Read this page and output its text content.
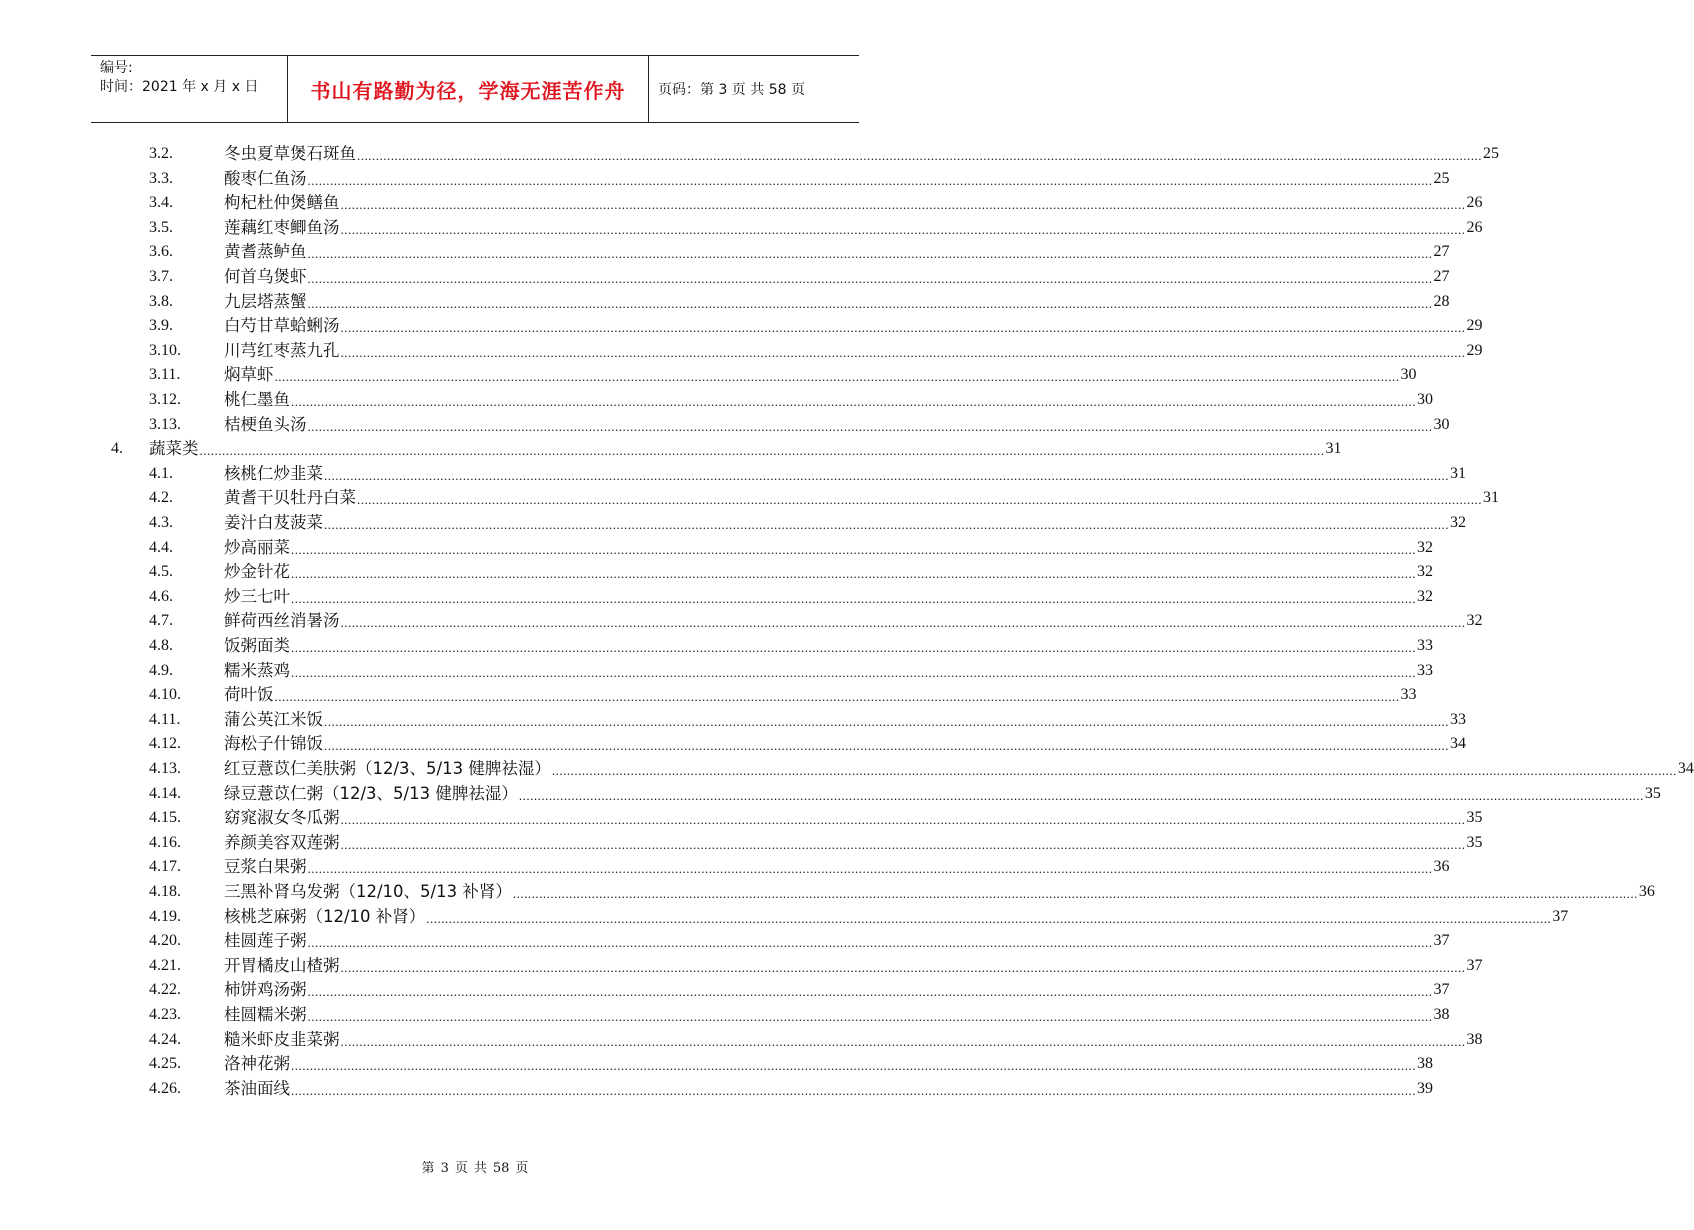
编号:
时间：2021 年 x 月 x 日	书山有路勤为径，学海无涯苦作舟	页码：第 3 页 共 58 页
3.2.	冬虫夏草煲石斑鱼 ............................................................................................................................................................................................................................................................................................................ 25
3.3.	酸枣仁鱼汤 ............................................................................................................................................................................................................................................................................................................ 25
3.4.	枸杞杜仲煲鳝鱼 ............................................................................................................................................................................................................................................................................................................ 26
3.5.	莲藕红枣鲫鱼汤 ............................................................................................................................................................................................................................................................................................................ 26
3.6.	黄耆蒸鲈鱼 ............................................................................................................................................................................................................................................................................................................ 27
3.7.	何首乌煲虾 ............................................................................................................................................................................................................................................................................................................ 27
3.8.	九层塔蒸蟹 ............................................................................................................................................................................................................................................................................................................ 28
3.9.	白芍甘草蛤蜊汤 ............................................................................................................................................................................................................................................................................................................ 29
3.10.	川芎红枣蒸九孔 ............................................................................................................................................................................................................................................................................................................ 29
3.11.	焖草虾 ............................................................................................................................................................................................................................................................................................................ 30
3.12.	桃仁墨鱼 ............................................................................................................................................................................................................................................................................................................ 30
3.13.	桔梗鱼头汤 ............................................................................................................................................................................................................................................................................................................ 30
4.	蔬菜类 ............................................................................................................................................................................................................................................................................................................ 31
4.1.	核桃仁炒韭菜 ............................................................................................................................................................................................................................................................................................................ 31
4.2.	黄耆干贝牡丹白菜 ............................................................................................................................................................................................................................................................................................................ 31
4.3.	姜汁白芨菠菜 ............................................................................................................................................................................................................................................................................................................ 32
4.4.	炒高丽菜 ............................................................................................................................................................................................................................................................................................................ 32
4.5.	炒金针花 ............................................................................................................................................................................................................................................................................................................ 32
4.6.	炒三七叶 ............................................................................................................................................................................................................................................................................................................ 32
4.7.	鲜荷西丝消暑汤 ............................................................................................................................................................................................................................................................................................................ 32
4.8.	饭粥面类 ............................................................................................................................................................................................................................................................................................................ 33
4.9.	糯米蒸鸡 ............................................................................................................................................................................................................................................................................................................ 33
4.10.	荷叶饭 ............................................................................................................................................................................................................................................................................................................ 33
4.11.	蒲公英江米饭 ............................................................................................................................................................................................................................................................................................................ 33
4.12.	海松子什锦饭 ............................................................................................................................................................................................................................................................................................................ 34
4.13.	红豆薏苡仁美肤粥（12/3、5/13 健脾祛湿） ............................................................................................................................................................................................................................................................................................................ 34
4.14.	绿豆薏苡仁粥（12/3、5/13 健脾祛湿） ............................................................................................................................................................................................................................................................................................................ 35
4.15.	窈窕淑女冬瓜粥 ............................................................................................................................................................................................................................................................................................................ 35
4.16.	养颜美容双莲粥 ............................................................................................................................................................................................................................................................................................................ 35
4.17.	豆浆白果粥 ............................................................................................................................................................................................................................................................................................................ 36
4.18.	三黑补肾乌发粥（12/10、5/13 补肾） ............................................................................................................................................................................................................................................................................................................ 36
4.19.	核桃芝麻粥（12/10 补肾） ............................................................................................................................................................................................................................................................................................................ 37
4.20.	桂圆莲子粥 ............................................................................................................................................................................................................................................................................................................ 37
4.21.	开胃橘皮山楂粥 ............................................................................................................................................................................................................................................................................................................ 37
4.22.	柿饼鸡汤粥 ............................................................................................................................................................................................................................................................................................................ 37
4.23.	桂圆糯米粥 ............................................................................................................................................................................................................................................................................................................ 38
4.24.	糙米虾皮韭菜粥 ............................................................................................................................................................................................................................................................................................................ 38
4.25.	洛神花粥 ............................................................................................................................................................................................................................................................................................................ 38
4.26.	茶油面线 ............................................................................................................................................................................................................................................................................................................ 39
第 3 页 共 58 页
